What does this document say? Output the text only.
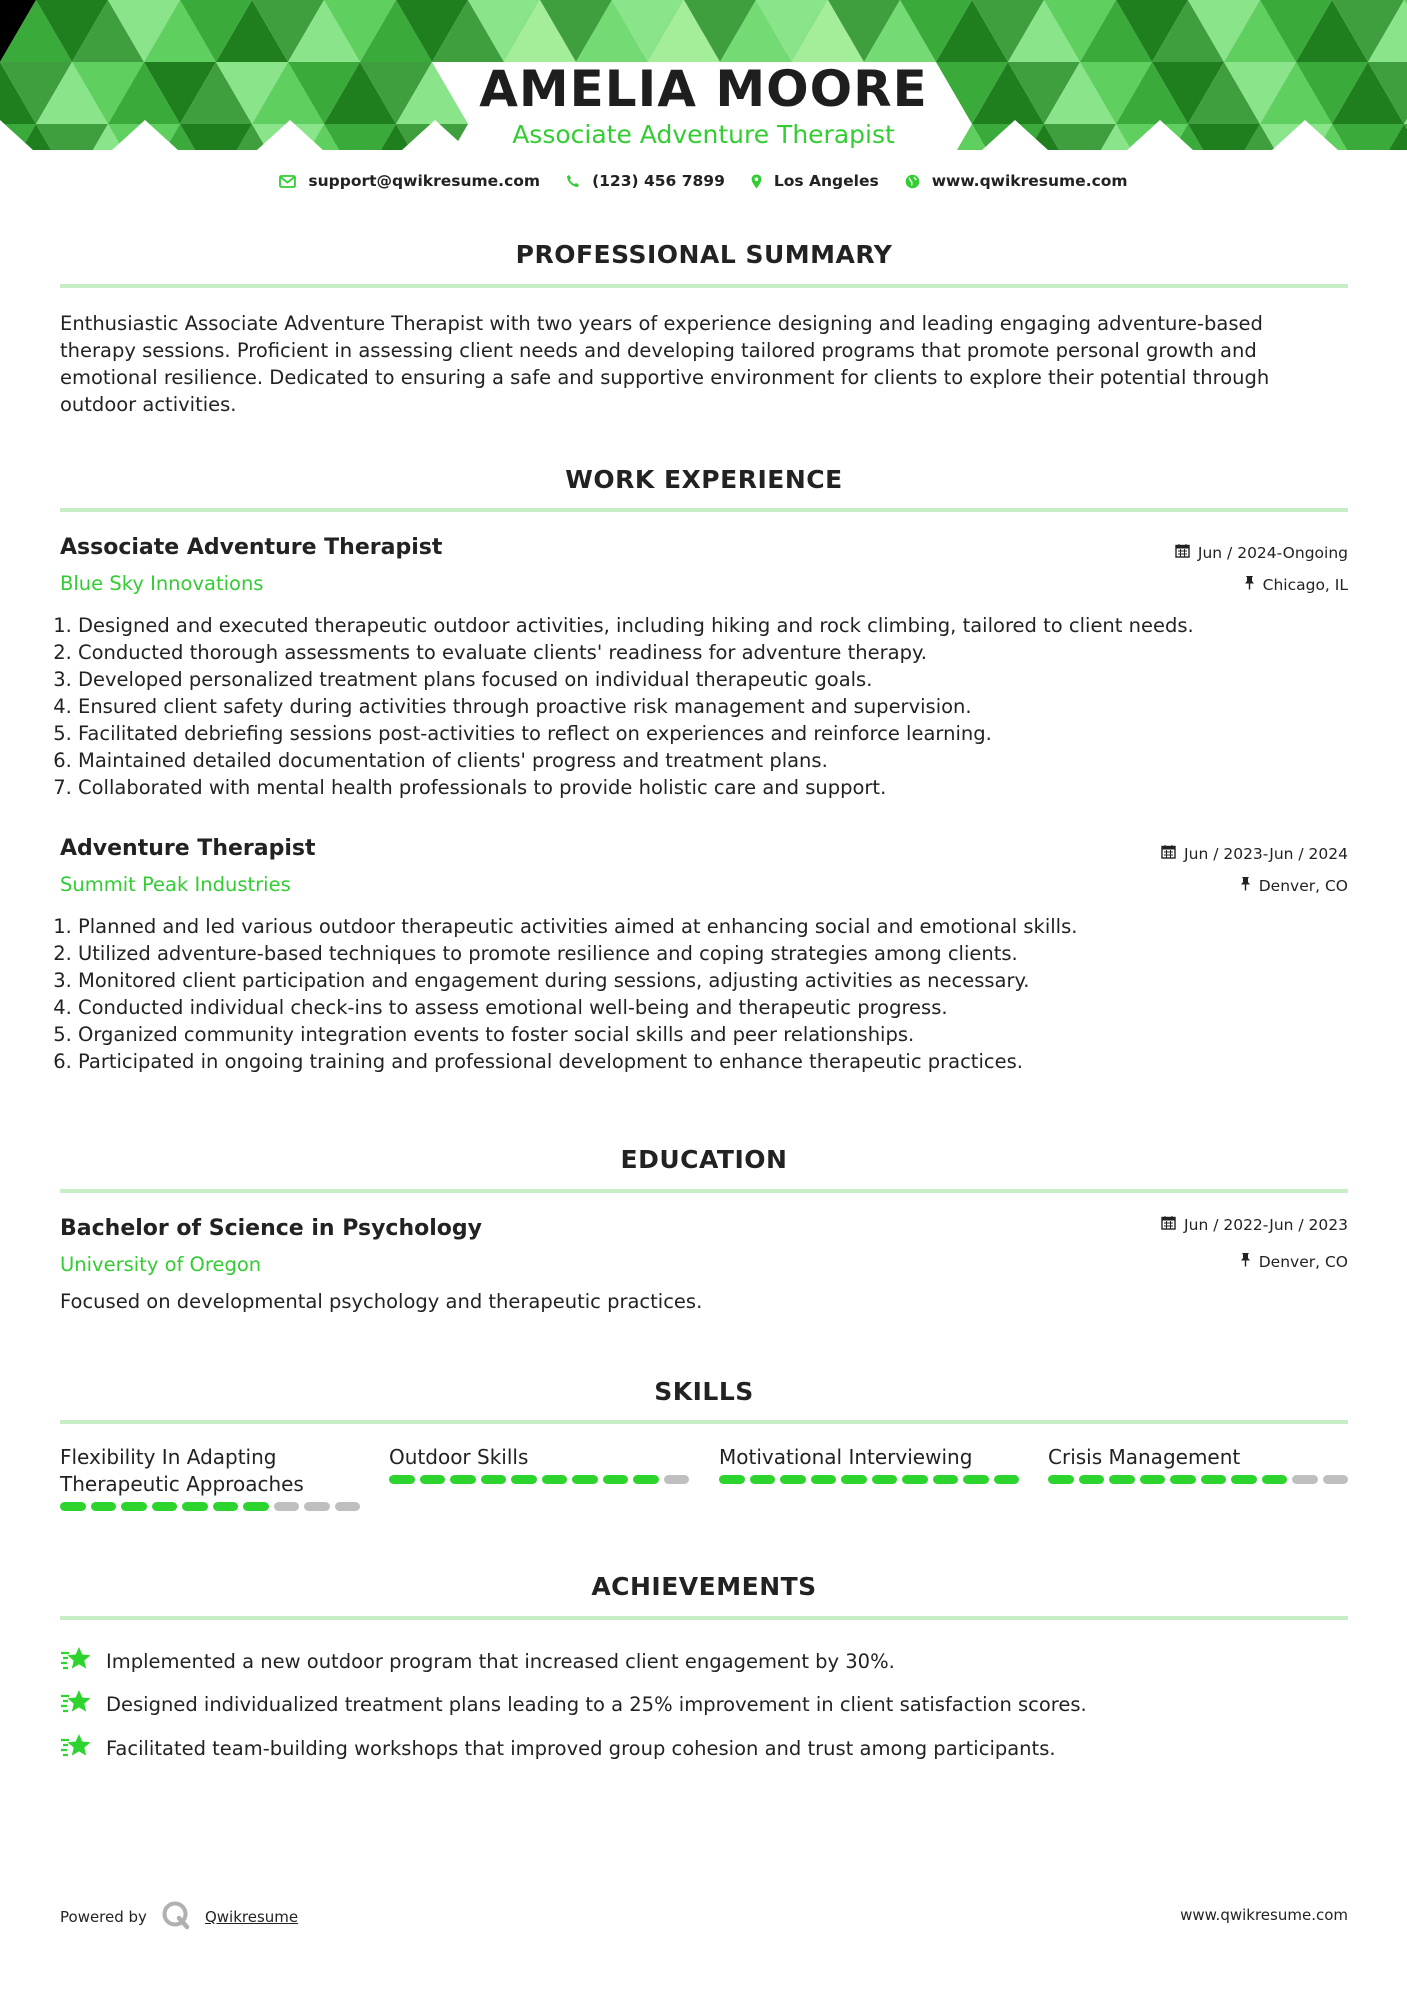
AMELIA MOORE
Associate Adventure Therapist
support@qwikresume.com	(123) 456 7899	Los Angeles	www.qwikresume.com
PROFESSIONAL SUMMARY
Enthusiastic Associate Adventure Therapist with two years of experience designing and leading engaging adventure-based
therapy sessions. Proficient in assessing client needs and developing tailored programs that promote personal growth and
emotional resilience. Dedicated to ensuring a safe and supportive environment for clients to explore their potential through
outdoor activities.
WORK EXPERIENCE
Associate Adventure Therapist
Blue Sky Innovations
Jun / 2024-Ongoing
Chicago, IL
1. Designed and executed therapeutic outdoor activities, including hiking and rock climbing, tailored to client needs.
2. Conducted thorough assessments to evaluate clients' readiness for adventure therapy.
3. Developed personalized treatment plans focused on individual therapeutic goals.
4. Ensured client safety during activities through proactive risk management and supervision.
5. Facilitated debriefing sessions post-activities to reflect on experiences and reinforce learning.
6. Maintained detailed documentation of clients' progress and treatment plans.
7. Collaborated with mental health professionals to provide holistic care and support.
Adventure Therapist
Summit Peak Industries
Jun / 2023-Jun / 2024
Denver, CO
1. Planned and led various outdoor therapeutic activities aimed at enhancing social and emotional skills.
2. Utilized adventure-based techniques to promote resilience and coping strategies among clients.
3. Monitored client participation and engagement during sessions, adjusting activities as necessary.
4. Conducted individual check-ins to assess emotional well-being and therapeutic progress.
5. Organized community integration events to foster social skills and peer relationships.
6. Participated in ongoing training and professional development to enhance therapeutic practices.
EDUCATION
Bachelor of Science in Psychology
University of Oregon
Jun / 2022-Jun / 2023
Denver, CO
Focused on developmental psychology and therapeutic practices.
SKILLS
Flexibility In Adapting
Therapeutic Approaches
Outdoor Skills	Motivational Interviewing	Crisis Management
ACHIEVEMENTS
Implemented a new outdoor program that increased client engagement by 30%.
Designed individualized treatment plans leading to a 25% improvement in client satisfaction scores.
Facilitated team-building workshops that improved group cohesion and trust among participants.
Powered by	Qwikresume	www.qwikresume.com
